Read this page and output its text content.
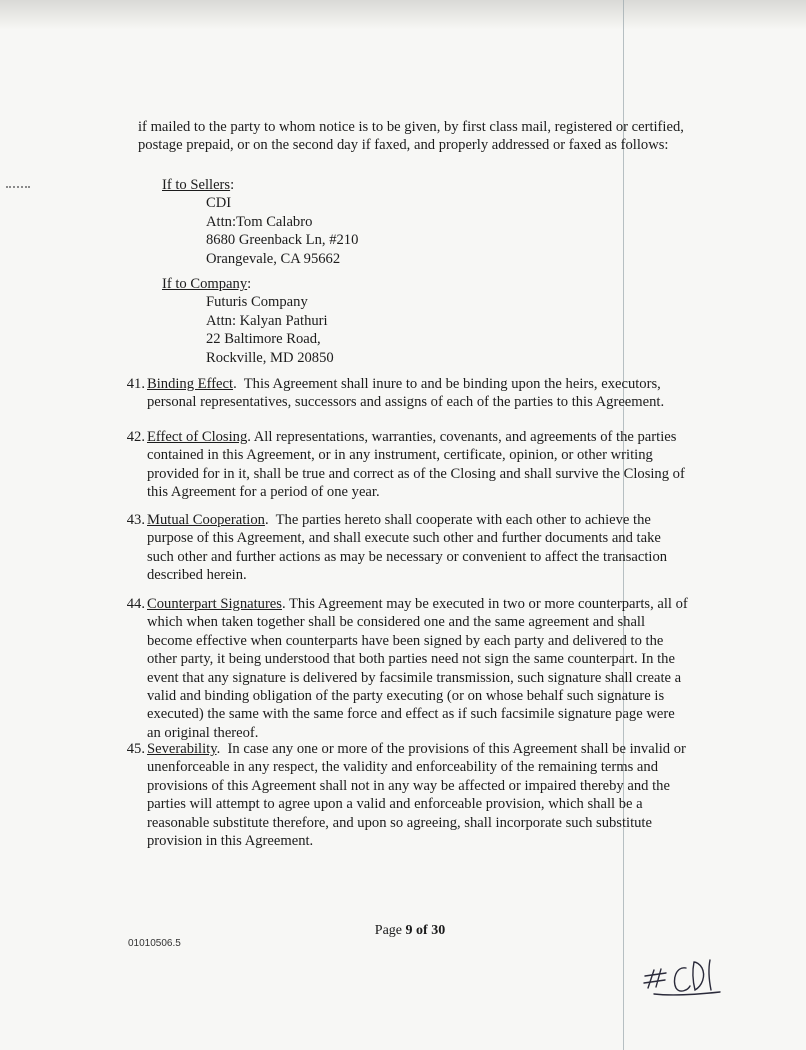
if mailed to the party to whom notice is to be given, by first class mail, registered or certified, postage prepaid, or on the second day if faxed, and properly addressed or faxed as follows:
If to Sellers:
CDI
Attn:Tom Calabro
8680 Greenback Ln, #210
Orangevale, CA 95662
If to Company:
Futuris Company
Attn: Kalyan Pathuri
22 Baltimore Road,
Rockville, MD 20850
41. Binding Effect.  This Agreement shall inure to and be binding upon the heirs, executors, personal representatives, successors and assigns of each of the parties to this Agreement.
42. Effect of Closing. All representations, warranties, covenants, and agreements of the parties contained in this Agreement, or in any instrument, certificate, opinion, or other writing provided for in it, shall be true and correct as of the Closing and shall survive the Closing of this Agreement for a period of one year.
43. Mutual Cooperation.  The parties hereto shall cooperate with each other to achieve the purpose of this Agreement, and shall execute such other and further documents and take such other and further actions as may be necessary or convenient to affect the transaction described herein.
44. Counterpart Signatures. This Agreement may be executed in two or more counterparts, all of which when taken together shall be considered one and the same agreement and shall become effective when counterparts have been signed by each party and delivered to the other party, it being understood that both parties need not sign the same counterpart. In the event that any signature is delivered by facsimile transmission, such signature shall create a valid and binding obligation of the party executing (or on whose behalf such signature is executed) the same with the same force and effect as if such facsimile signature page were an original thereof.
45. Severability.  In case any one or more of the provisions of this Agreement shall be invalid or unenforceable in any respect, the validity and enforceability of the remaining terms and provisions of this Agreement shall not in any way be affected or impaired thereby and the parties will attempt to agree upon a valid and enforceable provision, which shall be a reasonable substitute therefore, and upon so agreeing, shall incorporate such substitute provision in this Agreement.
Page 9 of 30
01010506.5
